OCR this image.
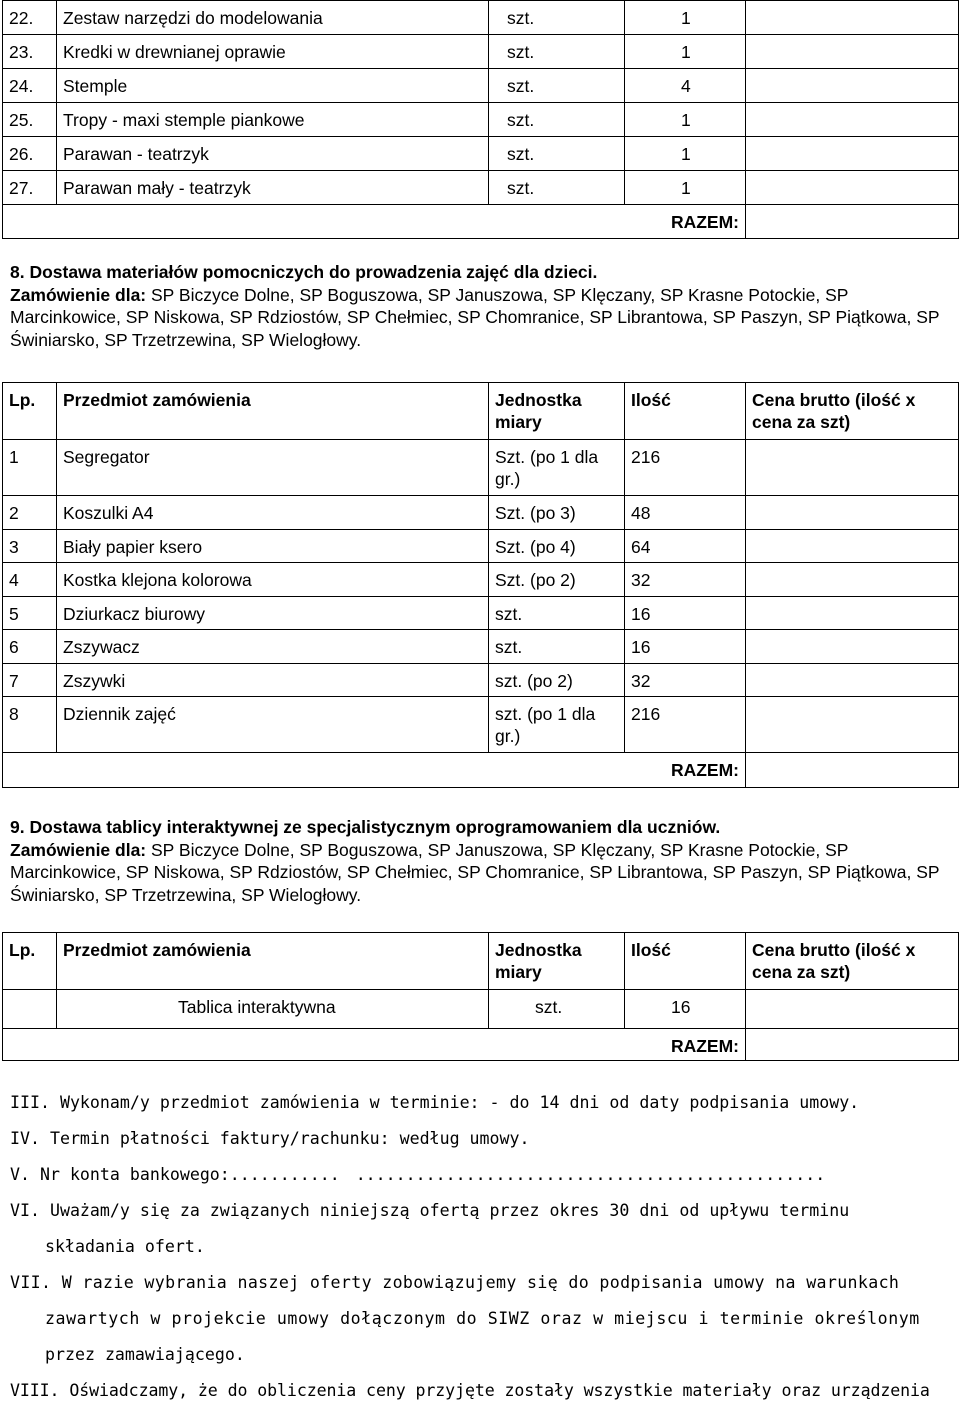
22.	Zestaw narzędzi do modelowania	szt.	1	
23.	Kredki w drewnianej oprawie	szt.	1	
24.	Stemple	szt.	4	
25.	Tropy - maxi stemple piankowe	szt.	1	
26.	Parawan - teatrzyk	szt.	1	
27.	Parawan mały - teatrzyk	szt.	1	
RAZEM:				
8. Dostawa materiałów pomocniczych do prowadzenia zajęć dla dzieci.
Zamówienie dla: SP Biczyce Dolne, SP Boguszowa, SP Januszowa, SP Klęczany, SP Krasne Potockie, SP Marcinkowice, SP Niskowa, SP Rdziostów, SP Chełmiec, SP Chomranice, SP Librantowa, SP Paszyn, SP Piątkowa, SP Świniarsko, SP Trzetrzewina, SP Wielogłowy.
Lp.	Przedmiot zamówienia	Jednostka miary	Ilość	Cena brutto (ilość x cena za szt)
1	Segregator	Szt. (po 1 dla gr.)	216	
2	Koszulki A4	Szt. (po 3)	48	
3	Biały papier ksero	Szt. (po 4)	64	
4	Kostka klejona kolorowa	Szt. (po 2)	32	
5	Dziurkacz biurowy	szt.	16	
6	Zszywacz	szt.	16	
7	Zszywki	szt. (po 2)	32	
8	Dziennik zajęć	szt. (po 1 dla gr.)	216	
RAZEM:				
9. Dostawa tablicy interaktywnej ze specjalistycznym oprogramowaniem dla uczniów.
Zamówienie dla: SP Biczyce Dolne, SP Boguszowa, SP Januszowa, SP Klęczany, SP Krasne Potockie, SP Marcinkowice, SP Niskowa, SP Rdziostów, SP Chełmiec, SP Chomranice, SP Librantowa, SP Paszyn, SP Piątkowa, SP Świniarsko, SP Trzetrzewina, SP Wielogłowy.
Lp.	Przedmiot zamówienia	Jednostka miary	Ilość	Cena brutto (ilość x cena za szt)
	Tablica interaktywna	szt.	16	
RAZEM:				
III. Wykonam/y przedmiot zamówienia w terminie: - do 14 dni od daty podpisania umowy.
IV. Termin płatności faktury/rachunku: według umowy.
V. Nr konta bankowego:........... ...............................................
VI. Uważam/y się za związanych niniejszą ofertą przez okres 30 dni od upływu terminu
składania ofert.
VII. W razie wybrania naszej oferty zobowiązujemy się do podpisania umowy na warunkach
zawartych w projekcie umowy dołączonym do SIWZ oraz w miejscu i terminie określonym
przez zamawiającego.
VIII. Oświadczamy, że do obliczenia ceny przyjęte zostały wszystkie materiały oraz urządzenia
